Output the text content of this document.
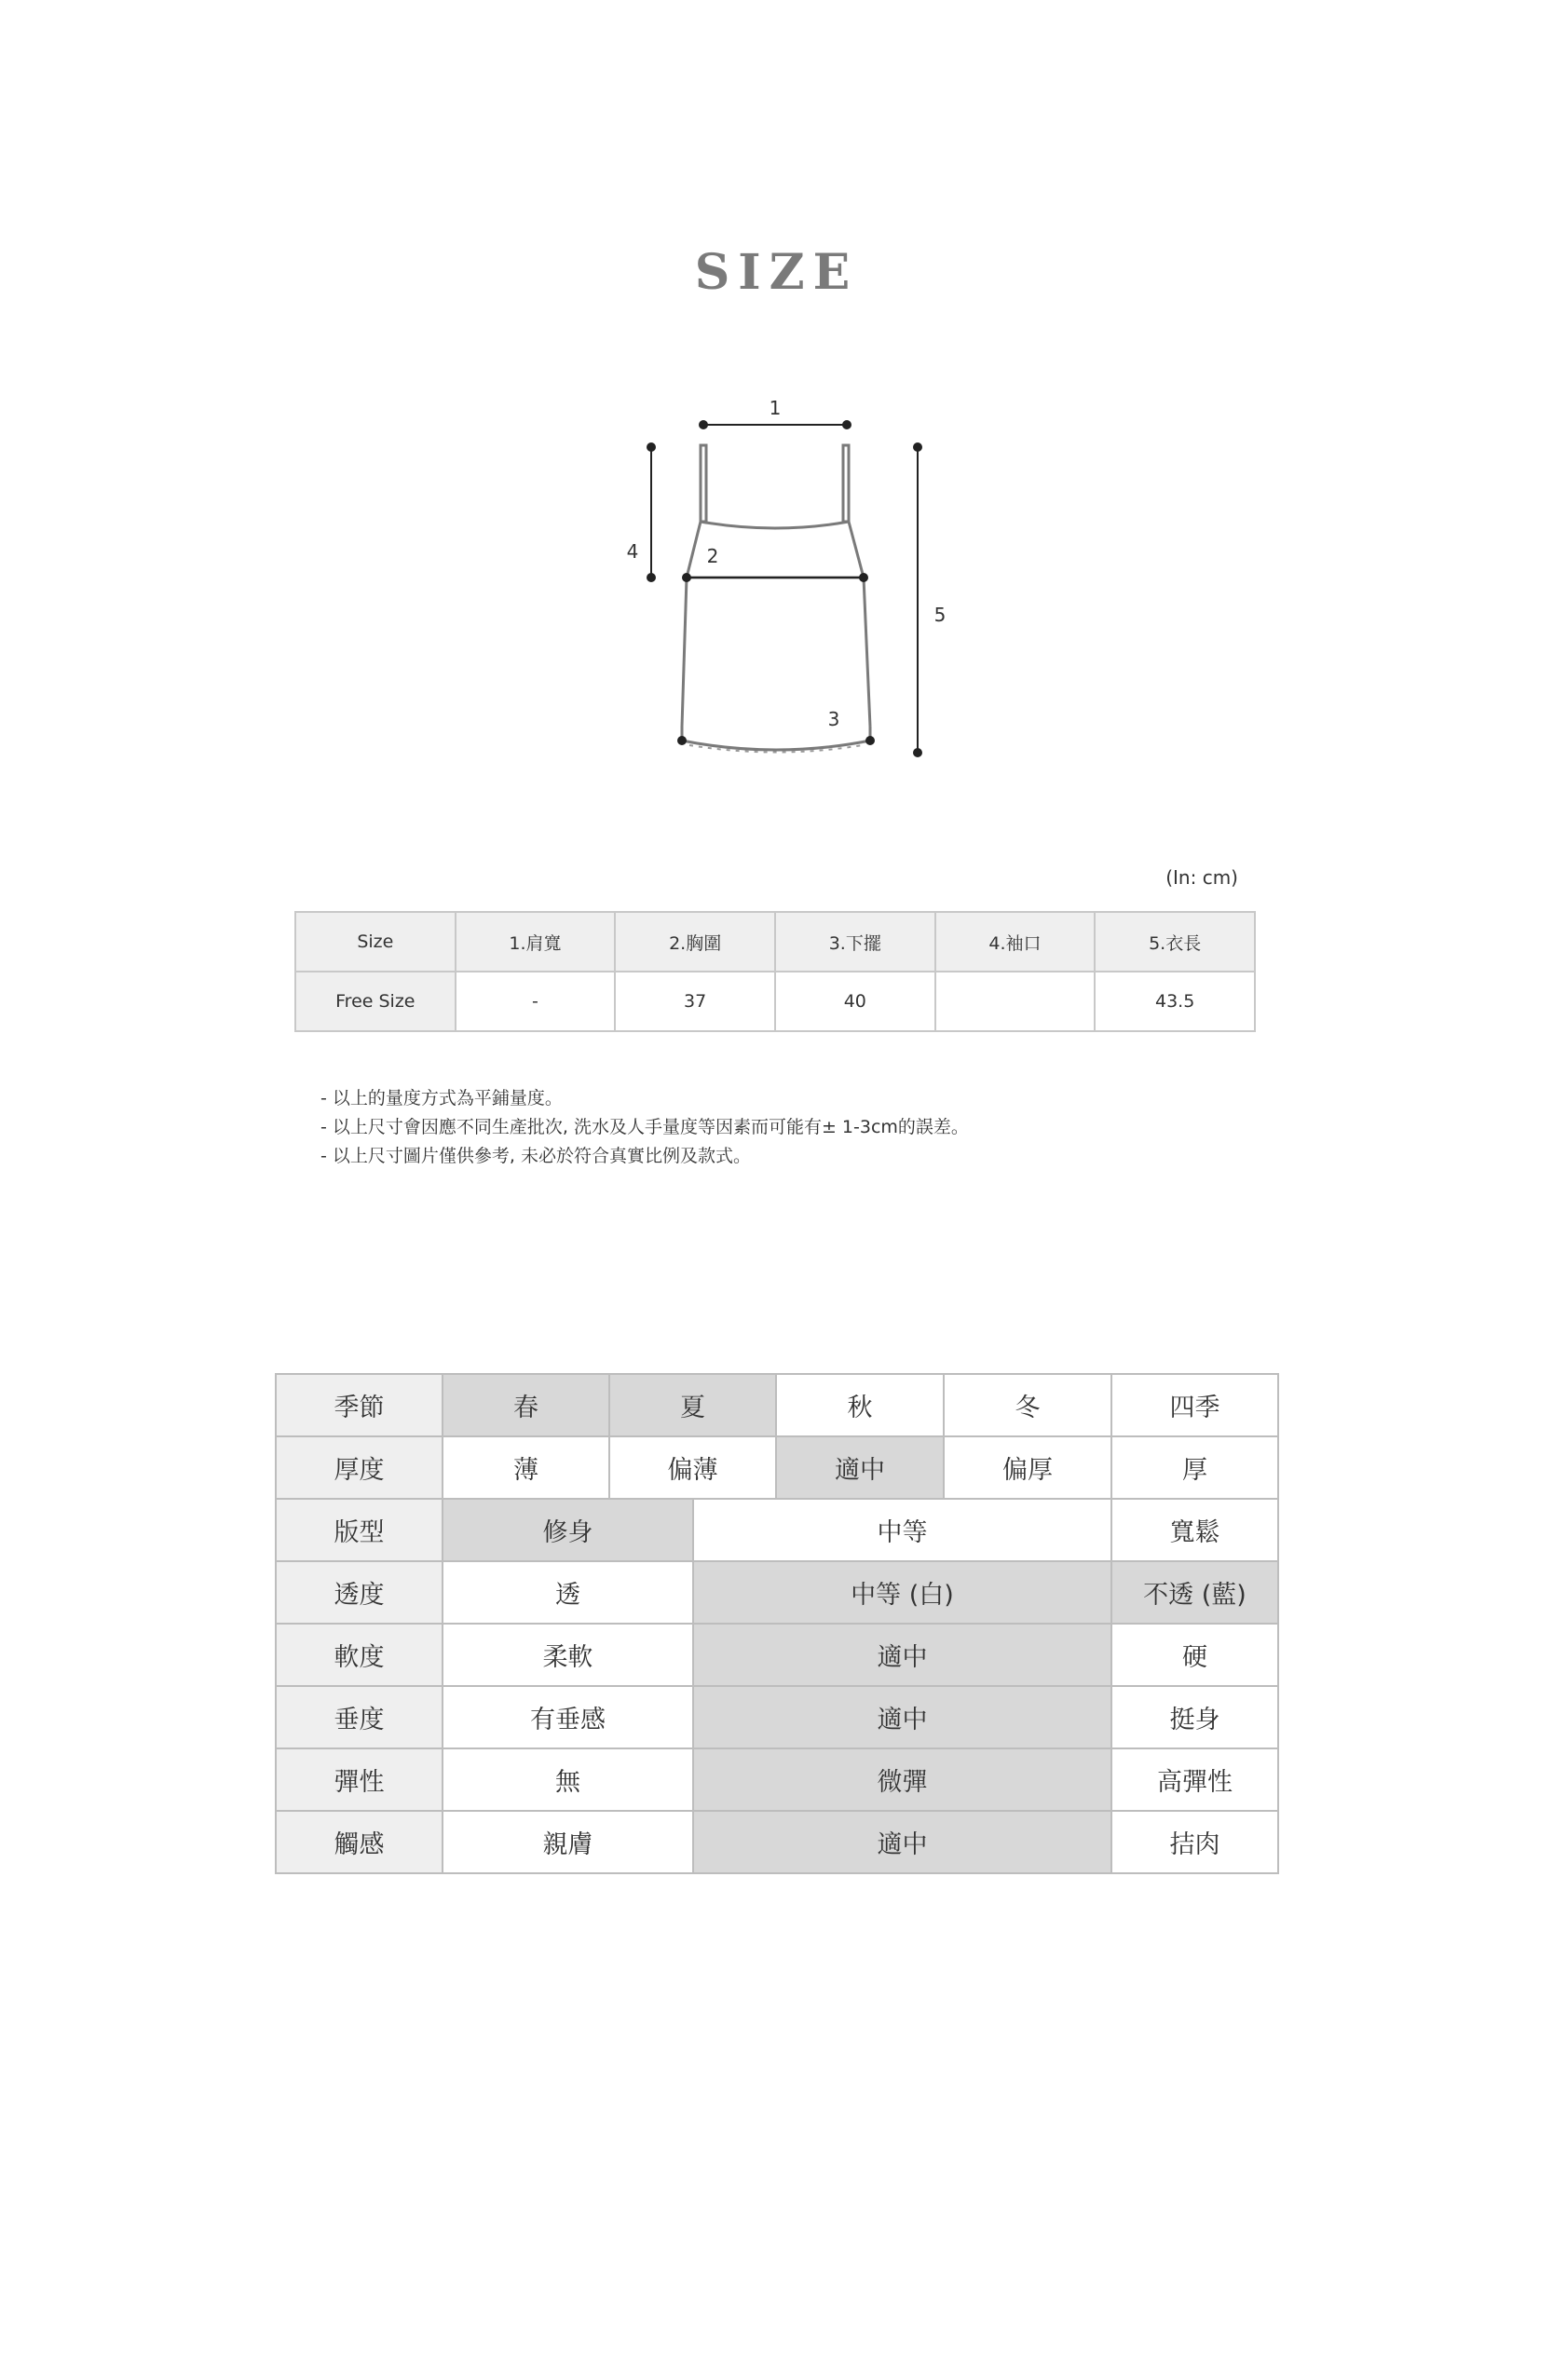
SIZE
1
2
3
4
5
(In: cm)
Size	1.肩寬	2.胸圍	3.下擺	4.袖口	5.衣長
Free Size	-	37	40		43.5
- 以上的量度方式為平鋪量度。
- 以上尺寸會因應不同生產批次, 洗水及人手量度等因素而可能有± 1-3cm的誤差。
- 以上尺寸圖片僅供參考, 未必於符合真實比例及款式。
季節	春	夏		秋	冬	四季
厚度	薄	偏薄		適中	偏厚	厚
版型	修身		中等			寬鬆
透度	透		中等 (白)			不透 (藍)
軟度	柔軟		適中			硬
垂度	有垂感		適中			挺身
彈性	無		微彈			高彈性
觸感	親膚		適中			拮肉
